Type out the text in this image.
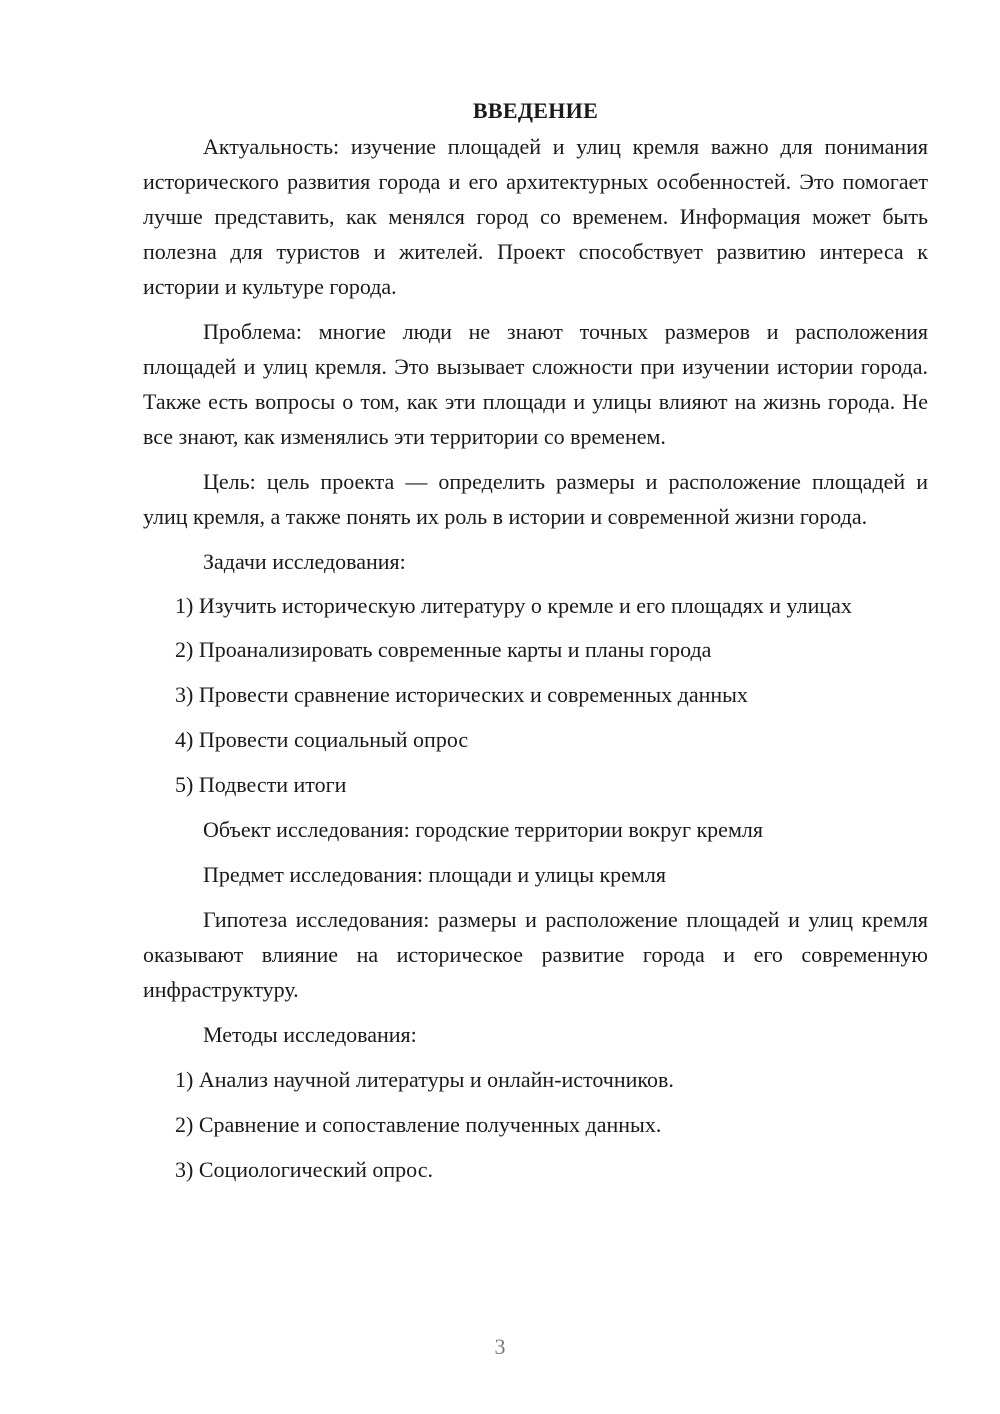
ВВЕДЕНИЕ

Актуальность: изучение площадей и улиц кремля важно для понимания исторического развития города и его архитектурных особенностей. Это помогает лучше представить, как менялся город со временем. Информация может быть полезна для туристов и жителей. Проект способствует развитию интереса к истории и культуре города.

Проблема: многие люди не знают точных размеров и расположения площадей и улиц кремля. Это вызывает сложности при изучении истории города. Также есть вопросы о том, как эти площади и улицы влияют на жизнь города. Не все знают, как изменялись эти территории со временем.

Цель: цель проекта — определить размеры и расположение площадей и улиц кремля, а также понять их роль в истории и современной жизни города.

Задачи исследования:

1) Изучить историческую литературу о кремле и его площадях и улицах

2) Проанализировать современные карты и планы города

3) Провести сравнение исторических и современных данных

4) Провести социальный опрос

5) Подвести итоги

Объект исследования: городские территории вокруг кремля

Предмет исследования: площади и улицы кремля

Гипотеза исследования: размеры и расположение площадей и улиц кремля оказывают влияние на историческое развитие города и его современную инфраструктуру.

Методы исследования:

1) Анализ научной литературы и онлайн-источников.

2) Сравнение и сопоставление полученных данных.

3) Социологический опрос.

3
